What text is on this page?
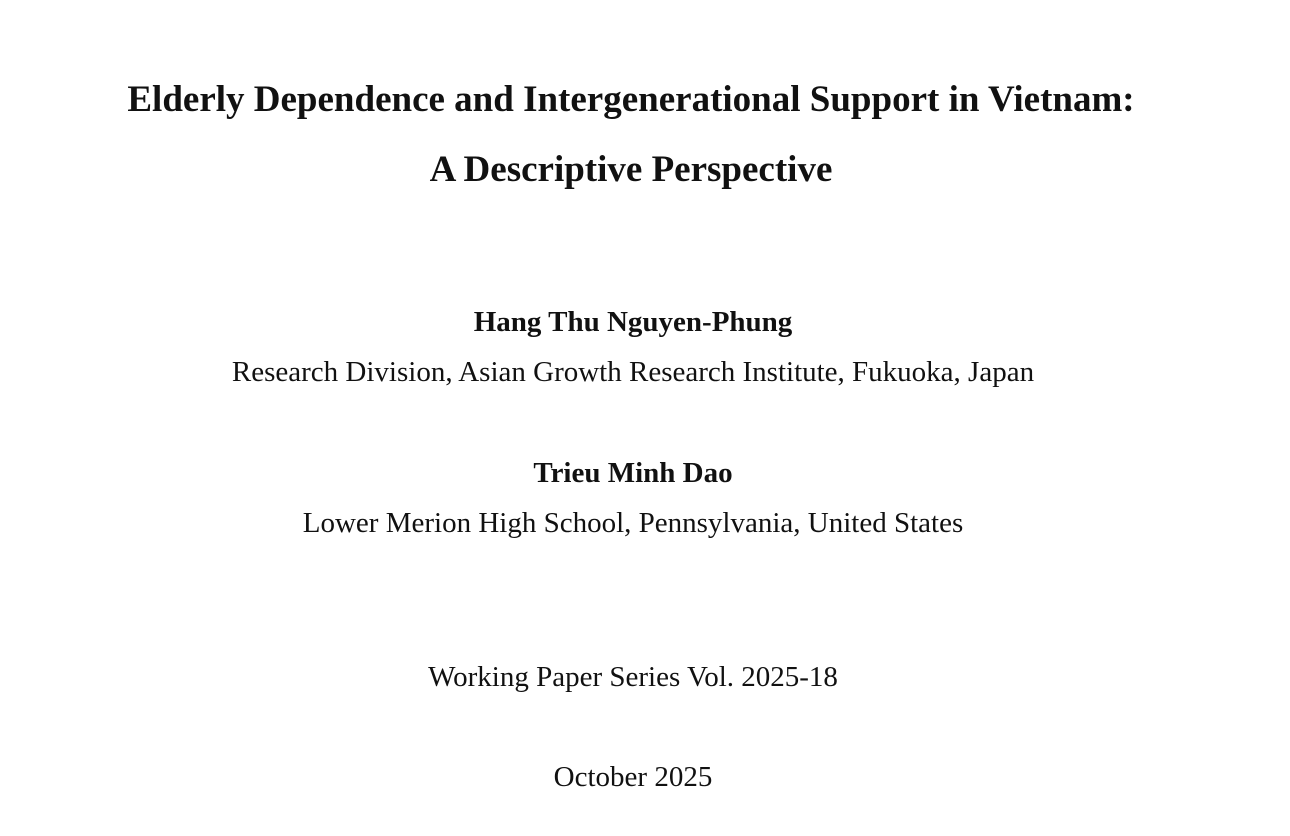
Elderly Dependence and Intergenerational Support in Vietnam:
A Descriptive Perspective
Hang Thu Nguyen-Phung
Research Division, Asian Growth Research Institute, Fukuoka, Japan
Trieu Minh Dao
Lower Merion High School, Pennsylvania, United States
Working Paper Series Vol. 2025-18
October 2025
